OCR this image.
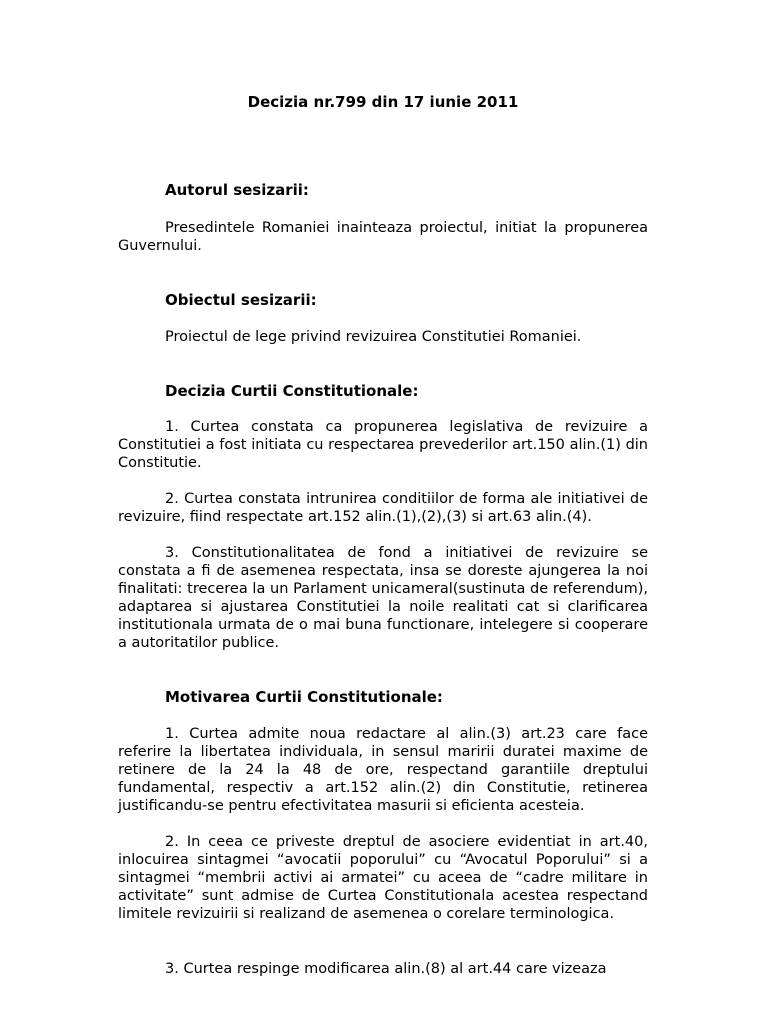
Decizia nr.799 din 17 iunie 2011
Autorul sesizarii:

Presedintele Romaniei inainteaza proiectul, initiat la propunerea Guvernului.

Obiectul sesizarii:

Proiectul de lege privind revizuirea Constitutiei Romaniei.

Decizia Curtii Constitutionale:

1. Curtea constata ca propunerea legislativa de revizuire a Constitutiei a fost initiata cu respectarea prevederilor art.150 alin.(1) din Constitutie.

2. Curtea constata intrunirea conditiilor de forma ale initiativei de revizuire, fiind respectate art.152 alin.(1),(2),(3) si art.63 alin.(4).

3. Constitutionalitatea de fond a initiativei de revizuire se constata a fi de asemenea respectata, insa se doreste ajungerea la noi finalitati: trecerea la un Parlament unicameral(sustinuta de referendum), adaptarea si ajustarea Constitutiei la noile realitati cat si clarificarea institutionala urmata de o mai buna functionare, intelegere si cooperare a autoritatilor publice.

Motivarea Curtii Constitutionale:

1. Curtea admite noua redactare al alin.(3) art.23 care face referire la libertatea individuala, in sensul maririi duratei maxime de retinere de la 24 la 48 de ore, respectand garantiile dreptului fundamental, respectiv a art.152 alin.(2) din Constitutie, retinerea justificandu-se pentru efectivitatea masurii si eficienta acesteia.

2. In ceea ce priveste dreptul de asociere evidentiat in art.40, inlocuirea sintagmei “avocatii poporului” cu “Avocatul Poporului” si a sintagmei “membrii activi ai armatei” cu aceea de “cadre militare in activitate” sunt admise de Curtea Constitutionala acestea respectand limitele revizuirii si realizand de asemenea o corelare terminologica.

3. Curtea respinge modificarea alin.(8) al art.44 care vizeaza
